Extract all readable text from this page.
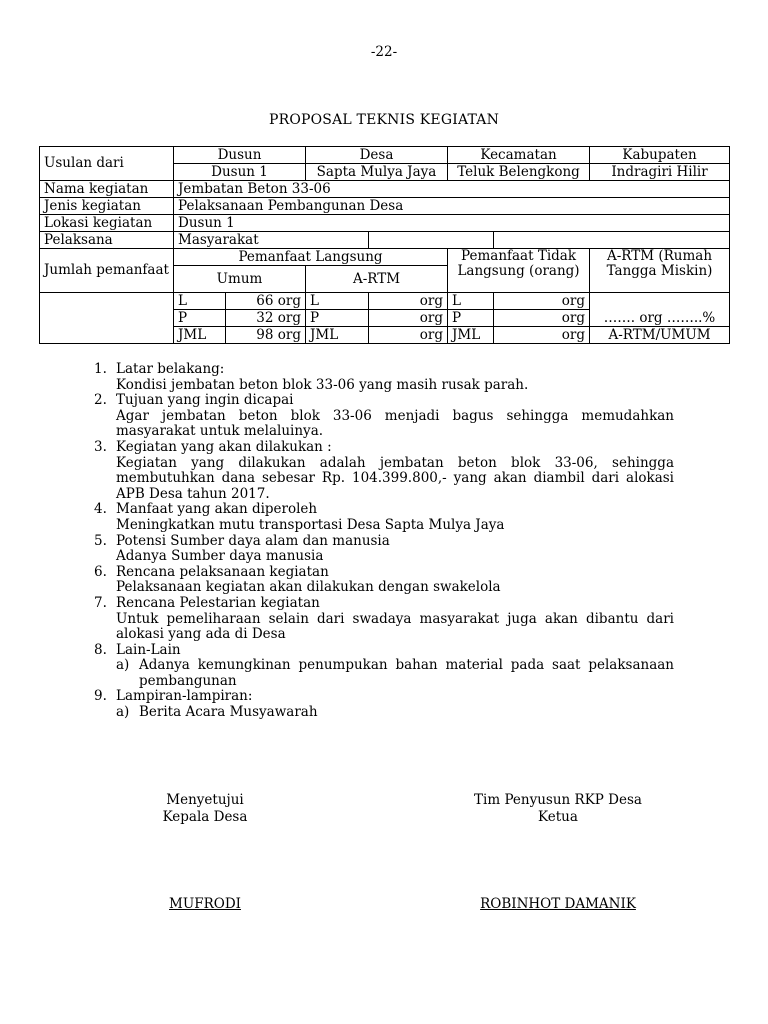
-22-
PROPOSAL TEKNIS KEGIATAN
Usulan dari	Dusun		Desa		Kecamatan		Kabupaten
	Dusun 1		Sapta Mulya Jaya		Teluk Belengkong		Indragiri Hilir
Nama kegiatan	Jembatan Beton 33-06						
Jenis kegiatan	Pelaksanaan Pembangunan Desa						
Lokasi kegiatan	Dusun 1						
Pelaksana	Masyarakat						
Jumlah pemanfaat	Pemanfaat Langsung				Pemanfaat Tidak Langsung (orang)		A-RTM (Rumah Tangga Miskin)
	Umum		A-RTM				
	L	66 org	L	org	L	org	……. org ……..%
	P	32 org	P	org	P	org	
	JML	98 org	JML	org	JML	org	A-RTM/UMUM
1. Latar belakang:
Kondisi jembatan beton blok 33-06 yang masih rusak parah.
2. Tujuan yang ingin dicapai
Agar jembatan beton blok 33-06 menjadi bagus sehingga memudahkan masyarakat untuk melaluinya.
3. Kegiatan yang akan dilakukan :
Kegiatan yang dilakukan adalah jembatan beton blok 33-06, sehingga membutuhkan dana sebesar Rp. 104.399.800,- yang akan diambil dari alokasi APB Desa tahun 2017.
4. Manfaat yang akan diperoleh
Meningkatkan mutu transportasi Desa Sapta Mulya Jaya
5. Potensi Sumber daya alam dan manusia
Adanya Sumber daya manusia
6. Rencana pelaksanaan kegiatan
Pelaksanaan kegiatan akan dilakukan dengan swakelola
7. Rencana Pelestarian kegiatan
Untuk pemeliharaan selain dari swadaya masyarakat juga akan dibantu dari alokasi yang ada di Desa
8. Lain-Lain
a) Adanya kemungkinan penumpukan bahan material pada saat pelaksanaan pembangunan
9. Lampiran-lampiran:
a) Berita Acara Musyawarah
Menyetujui
Kepala Desa
Tim Penyusun RKP Desa
Ketua
MUFRODI	ROBINHOT DAMANIK
